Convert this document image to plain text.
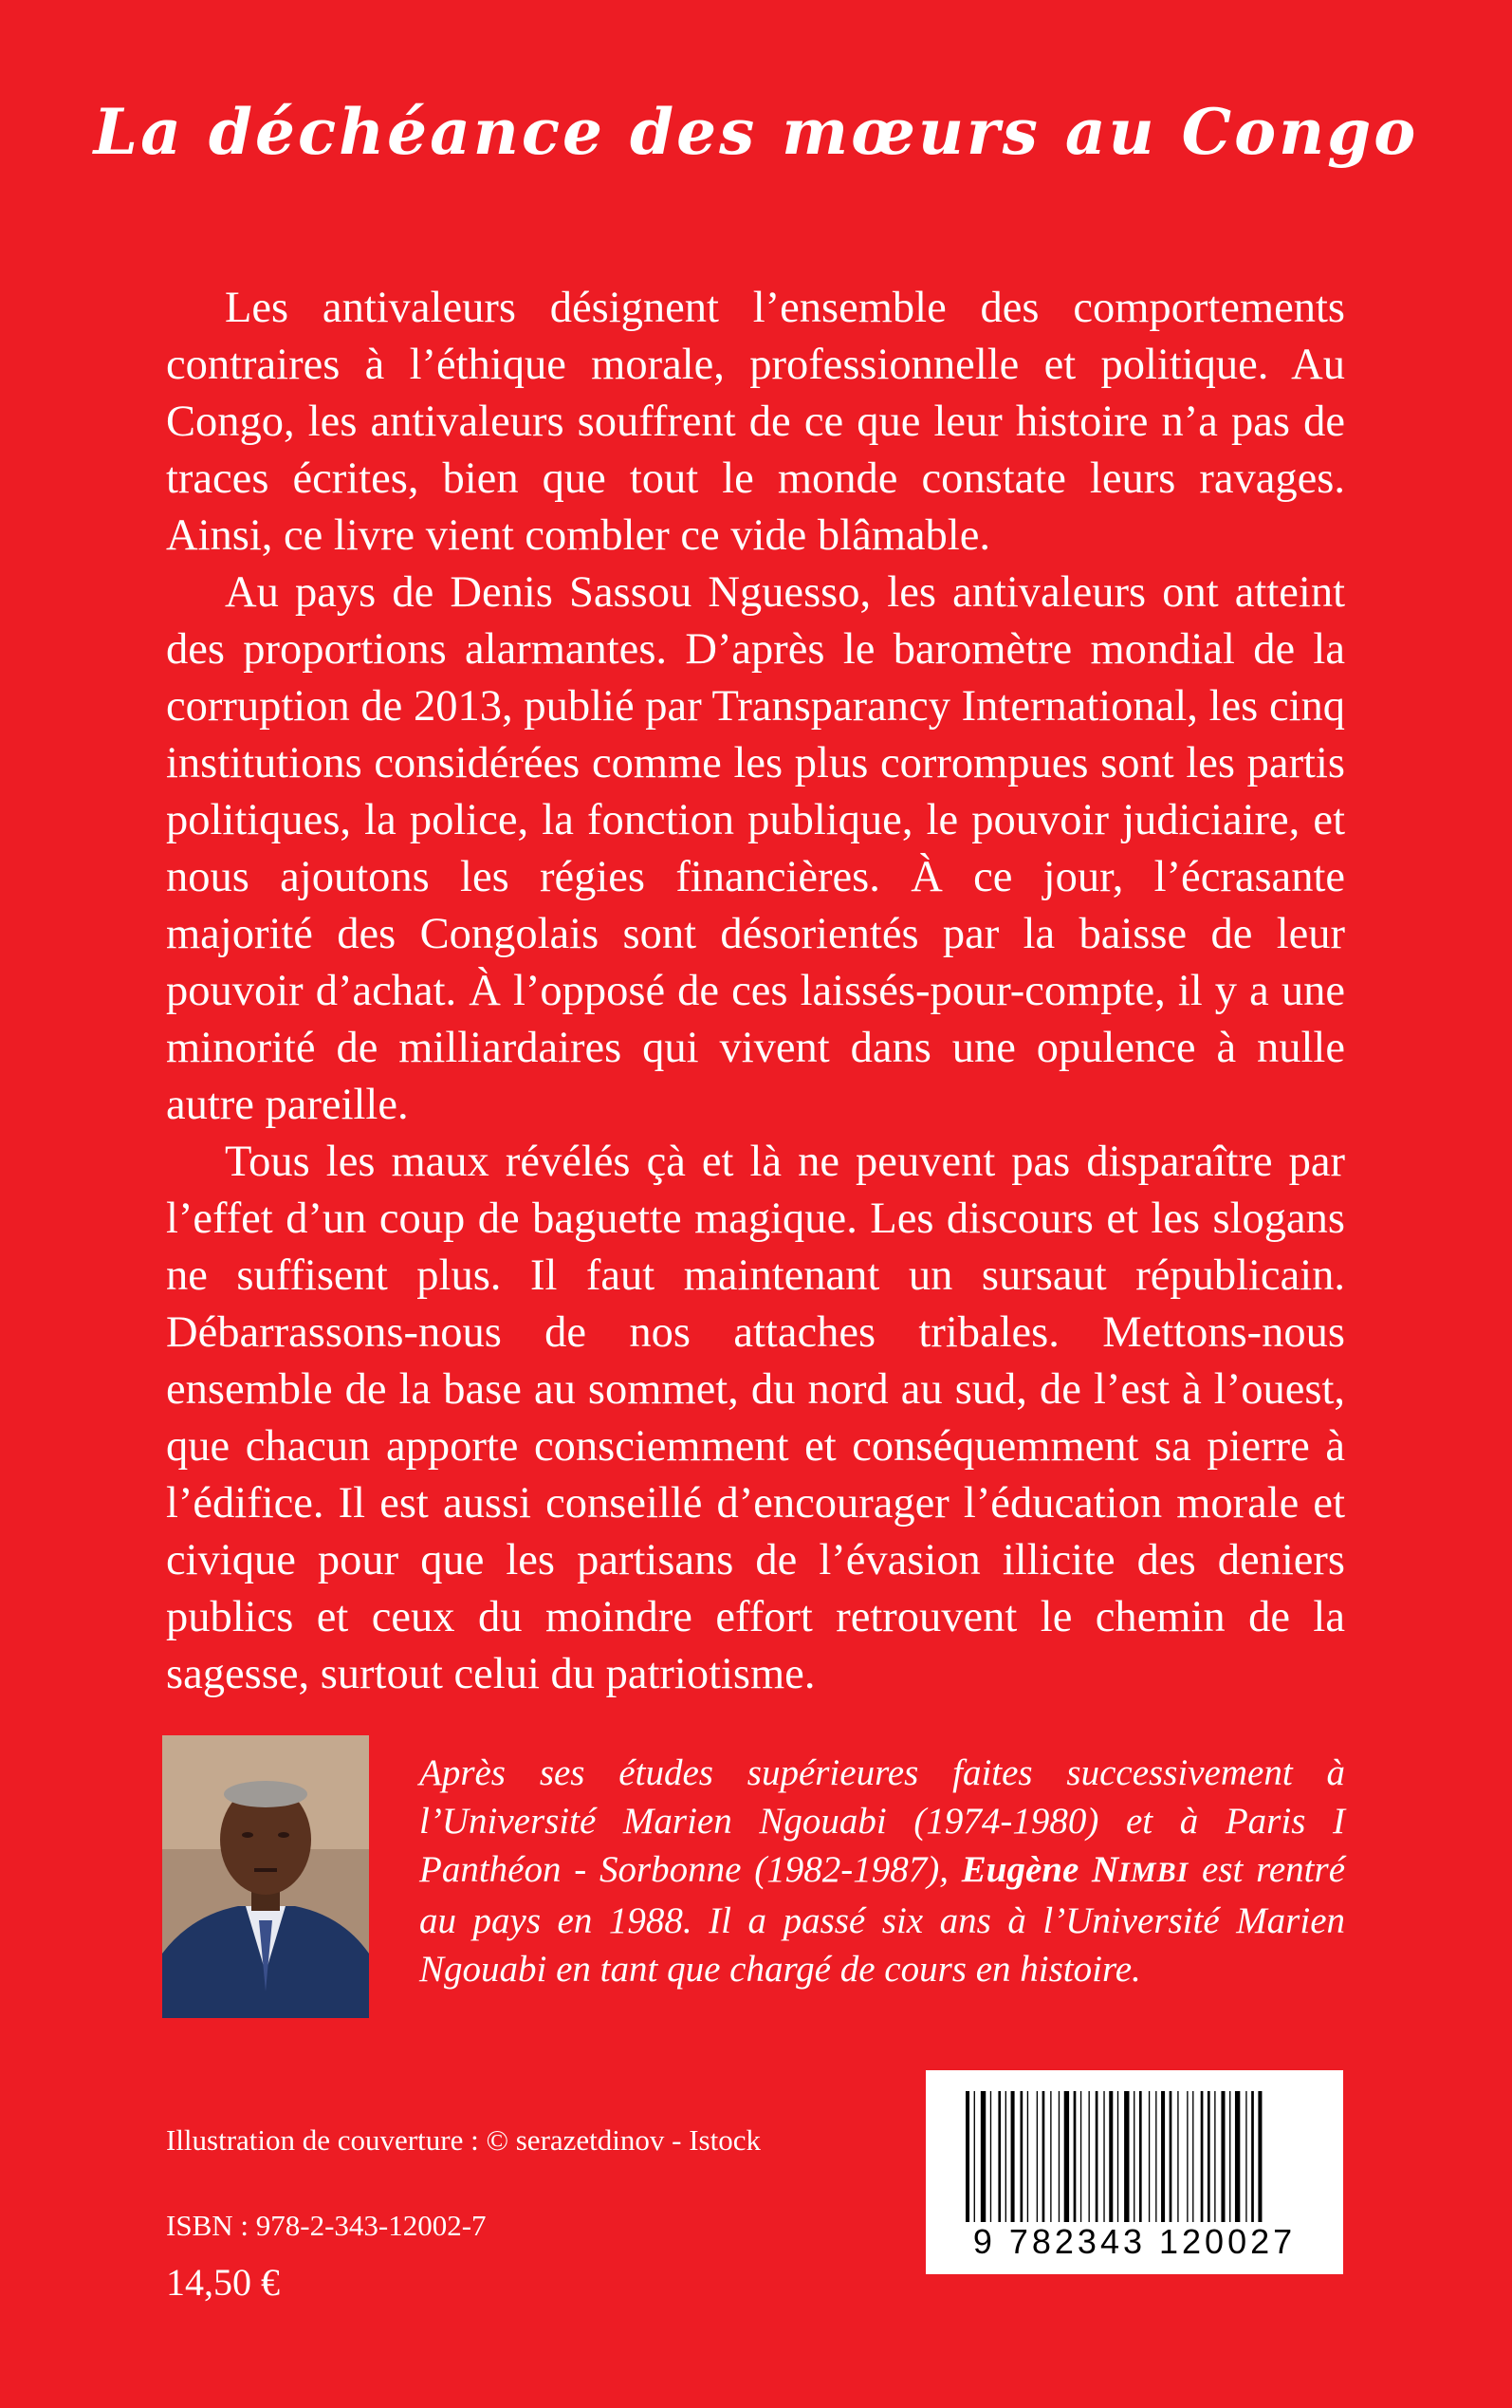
La déchéance des mœurs au Congo

Les antivaleurs désignent l’ensemble des comportements contraires à l’éthique morale, professionnelle et politique. Au Congo, les antivaleurs souffrent de ce que leur histoire n’a pas de traces écrites, bien que tout le monde constate leurs ravages. Ainsi, ce livre vient combler ce vide blâmable.

Au pays de Denis Sassou Nguesso, les antivaleurs ont atteint des proportions alarmantes. D’après le baromètre mondial de la corruption de 2013, publié par Transparancy International, les cinq institutions considérées comme les plus corrompues sont les partis politiques, la police, la fonction publique, le pouvoir judiciaire, et nous ajoutons les régies financières. À ce jour, l’écrasante majorité des Congolais sont désorientés par la baisse de leur pouvoir d’achat. À l’opposé de ces laissés-pour-compte, il y a une minorité de milliardaires qui vivent dans une opulence à nulle autre pareille.

Tous les maux révélés çà et là ne peuvent pas disparaître par l’effet d’un coup de baguette magique. Les discours et les slogans ne suffisent plus. Il faut maintenant un sursaut républicain. Débarrassons-nous de nos attaches tribales. Mettons-nous ensemble de la base au sommet, du nord au sud, de l’est à l’ouest, que chacun apporte consciemment et conséquemment sa pierre à l’édifice. Il est aussi conseillé d’encourager l’éducation morale et civique pour que les partisans de l’évasion illicite des deniers publics et ceux du moindre effort retrouvent le chemin de la sagesse, surtout celui du patriotisme.

Après ses études supérieures faites successivement à l’Université Marien Ngouabi (1974-1980) et à Paris I Panthéon - Sorbonne (1982-1987), Eugène NIMBI est rentré au pays en 1988. Il a passé six ans à l’Université Marien Ngouabi en tant que chargé de cours en histoire.
Illustration de couverture : © serazetdinov - Istock
ISBN : 978-2-343-12002-7
14,50 €
9 782343 120027
